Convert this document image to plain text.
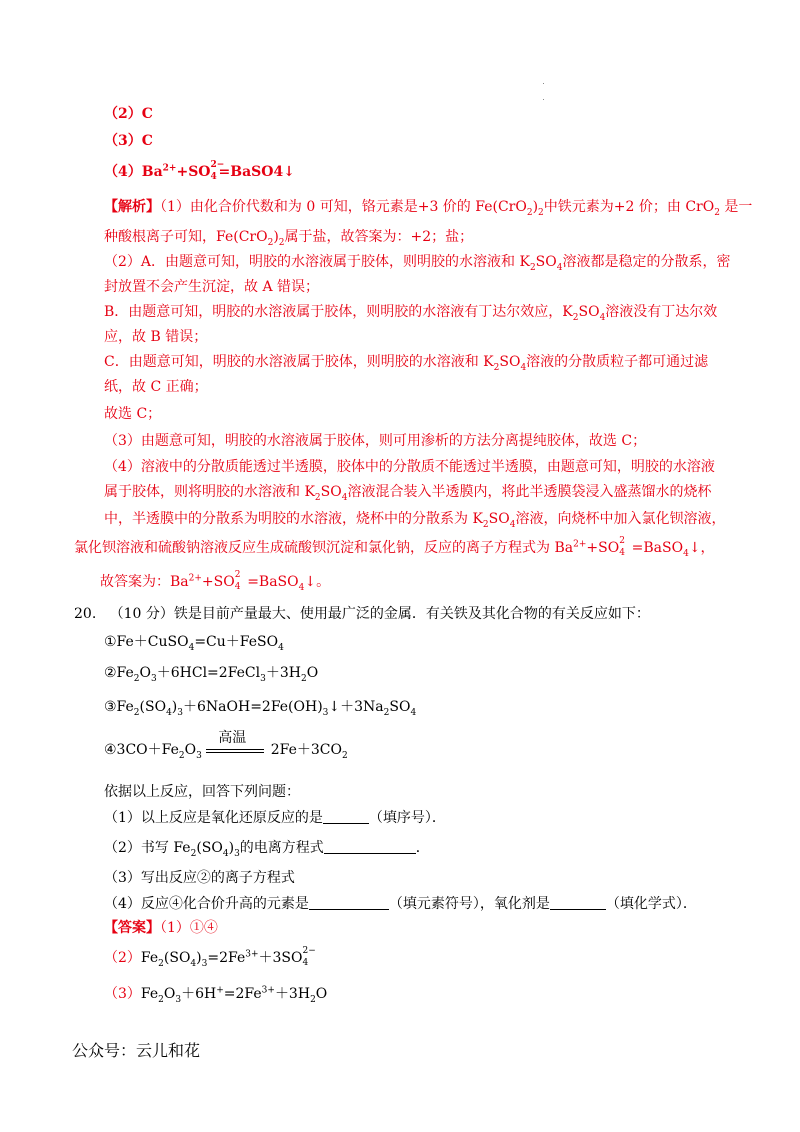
（2）C
（3）C
$(4)Ba^{2+}+SO$ 2−
4 =BaSO4↓
【解析】（1）由化合价代数和为 0 可知，铬元素是+3 价的 $Fe(CrO_2)_2$中铁元素为+2 价；由 CrO$_2$ 是一
种酸根离子可知，$Fe(CrO_2)_2$属于盐，故答案为：+2；盐；
（2）A．由题意可知，明胶的水溶液属于胶体，则明胶的水溶液和 $K_2SO_4$溶液都是稳定的分散系，密
封放置不会产生沉淀，故 A 错误；
B．由题意可知，明胶的水溶液属于胶体，则明胶的水溶液有丁达尔效应，$K_2SO_4$溶液没有丁达尔效
应，故 B 错误；
C．由题意可知，明胶的水溶液属于胶体，则明胶的水溶液和 $K_2SO_4$溶液的分散质粒子都可通过滤
纸，故 C 正确；
故选 C；
（3）由题意可知，明胶的水溶液属于胶体，则可用渗析的方法分离提纯胶体，故选 C；
（4）溶液中的分散质能透过半透膜，胶体中的分散质不能透过半透膜，由题意可知，明胶的水溶液
属于胶体，则将明胶的水溶液和 $K_2SO_4$溶液混合装入半透膜内，将此半透膜袋浸入盛蒸馏水的烧杯
中，半透膜中的分散系为明胶的水溶液，烧杯中的分散系为 $K_2SO_4$溶液，向烧杯中加入氯化钡溶液，
氯化钡溶液和硫酸钠溶液反应生成硫酸钡沉淀和氯化钠，反应的离子方程式为 $Ba^{2+}+SO$ 2
4 =BaSO$_4$↓，
故答案为：$Ba^{2+}+SO$ 2
4 =BaSO$_4$↓。
20. （10 分）铁是目前产量最大、使用最广泛的金属．有关铁及其化合物的有关反应如下：
①Fe＋CuSO$_4$=Cu＋FeSO$_4$
$②Fe_2O_3+6HCl=2FeCl_3+3H_2O$
$③Fe_2(SO_4)_3+6NaOH=2Fe(OH)_3↓+3Na_2SO_4$
$④3CO+Fe_2O_3$
高温
$2Fe+3CO_2$
依据以上反应，回答下列问题：
（1）以上反应是氧化还原反应的是	（填序号）．
（2）书写 $Fe_2(SO_4)_3$的电离方程式	．
（3）写出反应②的离子方程式
（4）反应④化合价升高的元素是	（填元素符号），氧化剂是	（填化学式）．
【答案】（1）①④
$(2)Fe_2(SO_4)_3=2Fe^{3+}+3SO$ 2−
4
$(3)Fe_2O_3+6H^+=2Fe^{3+}+3H_2O$
公众号：云儿和花
